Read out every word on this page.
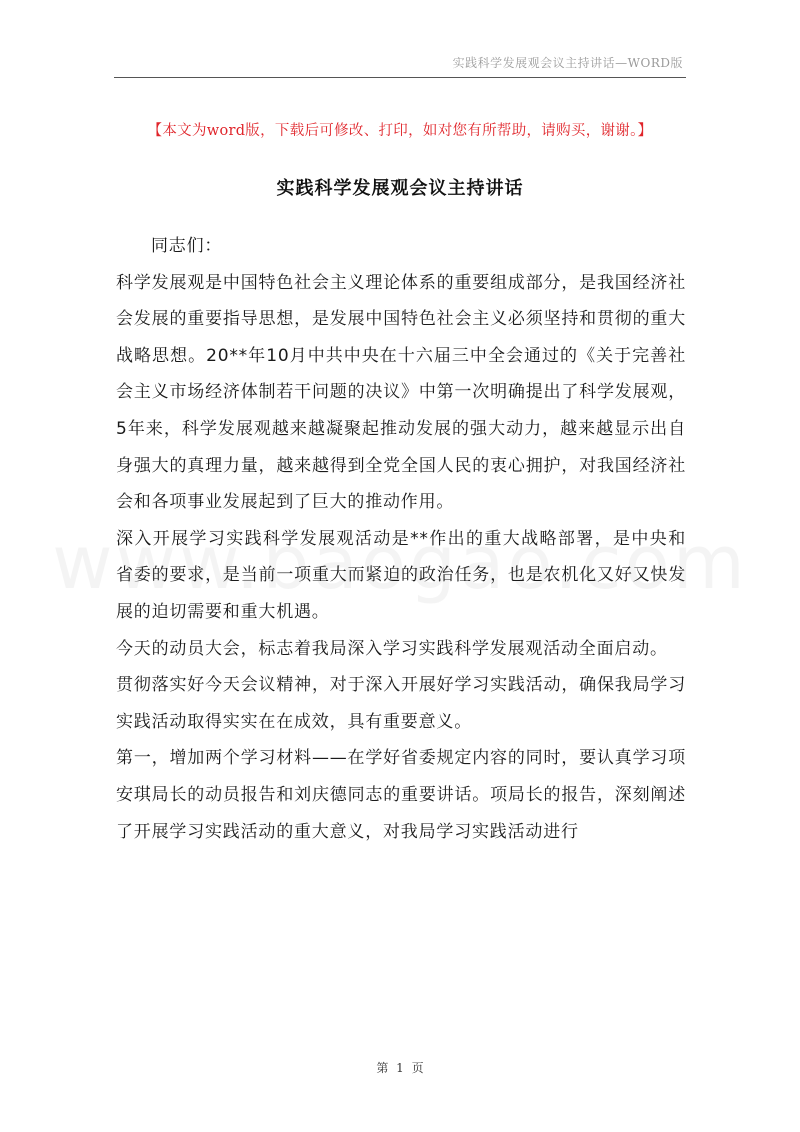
实践科学发展观会议主持讲话—WORD版
【本文为word版，下载后可修改、打印，如对您有所帮助，请购买，谢谢。】
实践科学发展观会议主持讲话

同志们：

科学发展观是中国特色社会主义理论体系的重要组成部分，是我国经济社会发展的重要指导思想，是发展中国特色社会主义必须坚持和贯彻的重大战略思想。20**年10月中共中央在十六届三中全会通过的《关于完善社会主义市场经济体制若干问题的决议》中第一次明确提出了科学发展观，5年来，科学发展观越来越凝聚起推动发展的强大动力，越来越显示出自身强大的真理力量，越来越得到全党全国人民的衷心拥护，对我国经济社会和各项事业发展起到了巨大的推动作用。

深入开展学习实践科学发展观活动是**作出的重大战略部署，是中央和省委的要求，是当前一项重大而紧迫的政治任务，也是农机化又好又快发展的迫切需要和重大机遇。

今天的动员大会，标志着我局深入学习实践科学发展观活动全面启动。

贯彻落实好今天会议精神，对于深入开展好学习实践活动，确保我局学习实践活动取得实实在在成效，具有重要意义。

第一，增加两个学习材料——在学好省委规定内容的同时，要认真学习项安琪局长的动员报告和刘庆德同志的重要讲话。项局长的报告，深刻阐述了开展学习实践活动的重大意义，对我局学习实践活动进行

第 1 页
